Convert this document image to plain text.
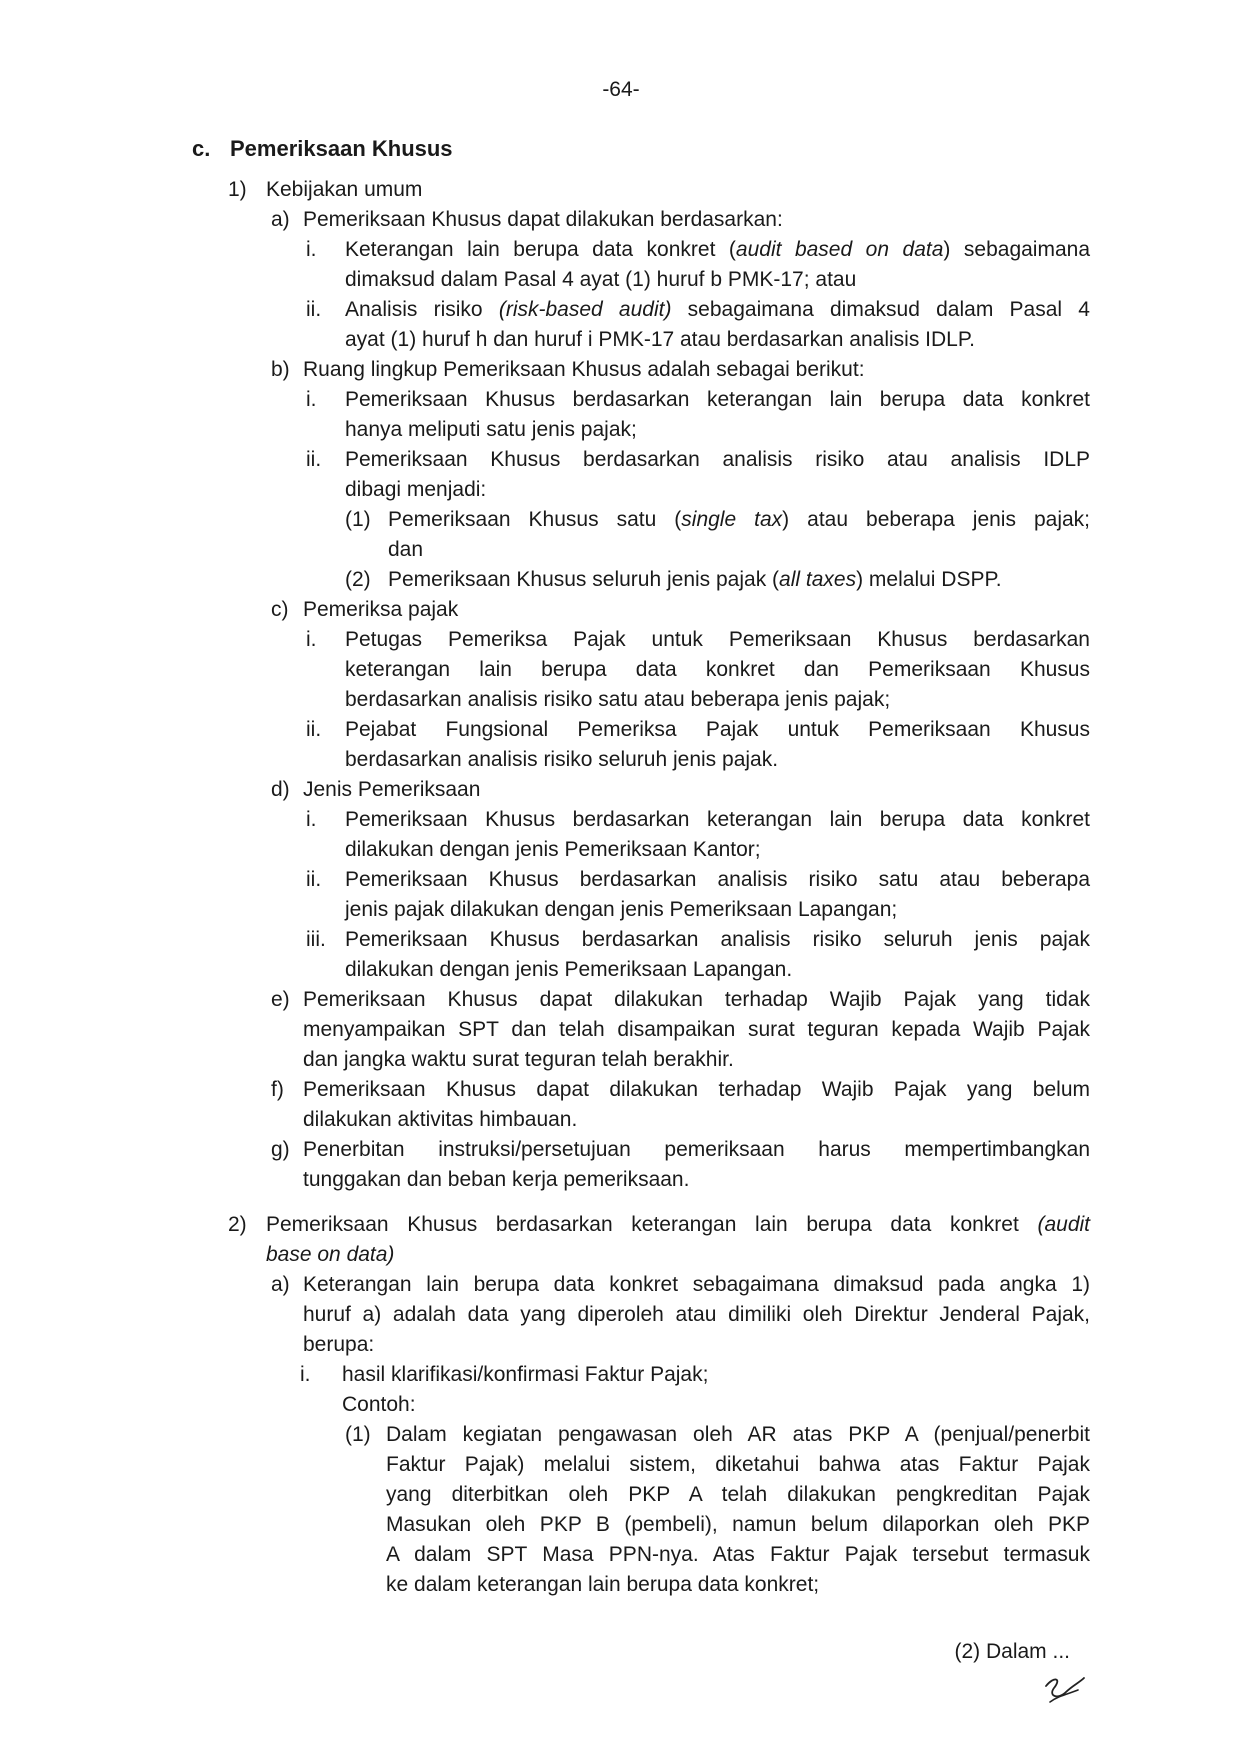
-64-
c. Pemeriksaan Khusus
1) Kebijakan umum
a) Pemeriksaan Khusus dapat dilakukan berdasarkan:
i. Keterangan lain berupa data konkret (audit based on data) sebagaimana
dimaksud dalam Pasal 4 ayat (1) huruf b PMK-17; atau
ii. Analisis risiko (risk-based audit) sebagaimana dimaksud dalam Pasal 4
ayat (1) huruf h dan huruf i PMK-17 atau berdasarkan analisis IDLP.
b) Ruang lingkup Pemeriksaan Khusus adalah sebagai berikut:
i. Pemeriksaan Khusus berdasarkan keterangan lain berupa data konkret
hanya meliputi satu jenis pajak;
ii. Pemeriksaan Khusus berdasarkan analisis risiko atau analisis IDLP
dibagi menjadi:
(1) Pemeriksaan Khusus satu (single tax) atau beberapa jenis pajak;
dan
(2) Pemeriksaan Khusus seluruh jenis pajak (all taxes) melalui DSPP.
c) Pemeriksa pajak
i. Petugas Pemeriksa Pajak untuk Pemeriksaan Khusus berdasarkan
keterangan lain berupa data konkret dan Pemeriksaan Khusus
berdasarkan analisis risiko satu atau beberapa jenis pajak;
ii. Pejabat Fungsional Pemeriksa Pajak untuk Pemeriksaan Khusus
berdasarkan analisis risiko seluruh jenis pajak.
d) Jenis Pemeriksaan
i. Pemeriksaan Khusus berdasarkan keterangan lain berupa data konkret
dilakukan dengan jenis Pemeriksaan Kantor;
ii. Pemeriksaan Khusus berdasarkan analisis risiko satu atau beberapa
jenis pajak dilakukan dengan jenis Pemeriksaan Lapangan;
iii. Pemeriksaan Khusus berdasarkan analisis risiko seluruh jenis pajak
dilakukan dengan jenis Pemeriksaan Lapangan.
e) Pemeriksaan Khusus dapat dilakukan terhadap Wajib Pajak yang tidak
menyampaikan SPT dan telah disampaikan surat teguran kepada Wajib Pajak
dan jangka waktu surat teguran telah berakhir.
f) Pemeriksaan Khusus dapat dilakukan terhadap Wajib Pajak yang belum
dilakukan aktivitas himbauan.
g) Penerbitan instruksi/persetujuan pemeriksaan harus mempertimbangkan
tunggakan dan beban kerja pemeriksaan.
2) Pemeriksaan Khusus berdasarkan keterangan lain berupa data konkret (audit
base on data)
a) Keterangan lain berupa data konkret sebagaimana dimaksud pada angka 1)
huruf a) adalah data yang diperoleh atau dimiliki oleh Direktur Jenderal Pajak,
berupa:
i. hasil klarifikasi/konfirmasi Faktur Pajak;
Contoh:
(1) Dalam kegiatan pengawasan oleh AR atas PKP A (penjual/penerbit
Faktur Pajak) melalui sistem, diketahui bahwa atas Faktur Pajak
yang diterbitkan oleh PKP A telah dilakukan pengkreditan Pajak
Masukan oleh PKP B (pembeli), namun belum dilaporkan oleh PKP
A dalam SPT Masa PPN-nya. Atas Faktur Pajak tersebut termasuk
ke dalam keterangan lain berupa data konkret;
(2) Dalam ...
